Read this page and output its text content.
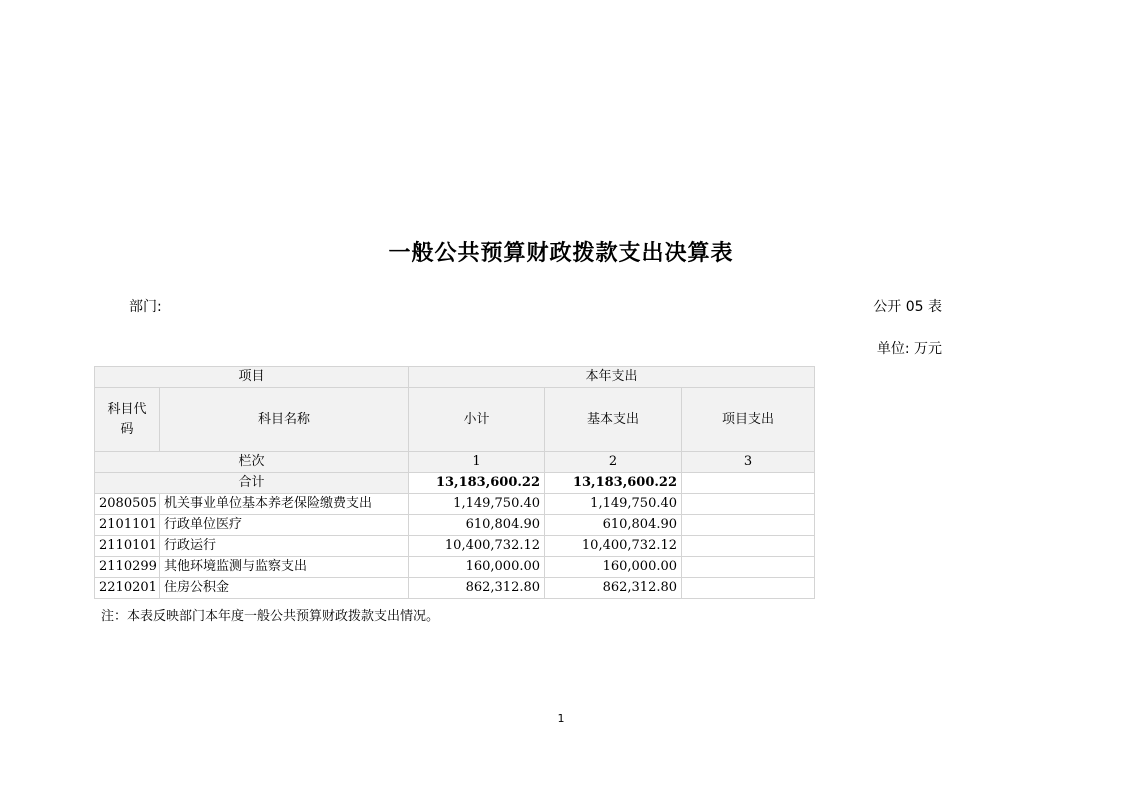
一般公共预算财政拨款支出决算表
部门:	公开 05 表
单位: 万元
项目		本年支出		
科目代码	科目名称	小计	基本支出	项目支出
栏次		1	2	3
合计		13,183,600.22	13,183,600.22	
2080505	机关事业单位基本养老保险缴费支出	1,149,750.40	1,149,750.40	
2101101	行政单位医疗	610,804.90	610,804.90	
2110101	行政运行	10,400,732.12	10,400,732.12	
2110299	其他环境监测与监察支出	160,000.00	160,000.00	
2210201	住房公积金	862,312.80	862,312.80	
注：本表反映部门本年度一般公共预算财政拨款支出情况。
1
